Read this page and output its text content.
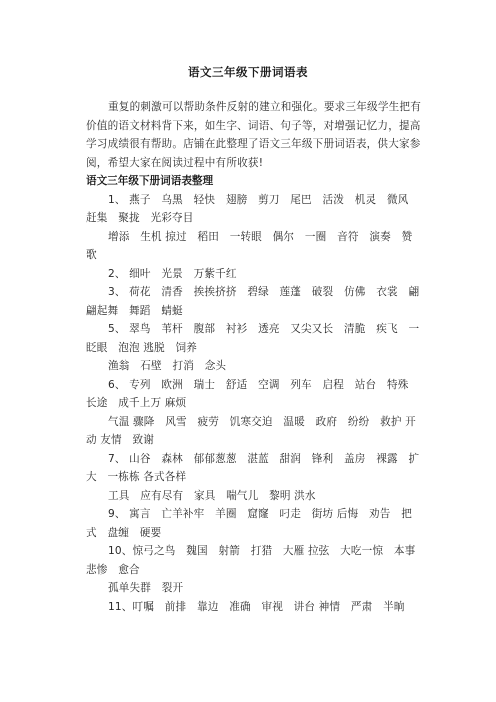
语文三年级下册词语表

重复的刺激可以帮助条件反射的建立和强化。要求三年级学生把有价值的语文材料背下来，如生字、词语、句子等，对增强记忆力，提高学习成绩很有帮助。店铺在此整理了语文三年级下册词语表，供大家参阅，希望大家在阅读过程中有所收获!

语文三年级下册词语表整理

1、 燕子　乌黑　轻快　翅膀　剪刀　尾巴　活泼　机灵　微风　赶集　聚拢　光彩夺目

增添　生机 掠过　稻田　一转眼　偶尔　一圈　音符　演奏　赞歌

2、 细叶　光景　万紫千红

3、 荷花　清香　挨挨挤挤　碧绿　莲蓬　破裂　仿佛　衣裳　翩翩起舞　舞蹈　蜻蜓

5、 翠鸟　苇杆　腹部　衬衫　透亮　又尖又长　清脆　疾飞　一眨眼　泡泡 逃脱　饲养

渔翁　石壁　打消　念头

6、 专列　欧洲　瑞士　舒适　空调　列车　启程　站台　特殊　长途　成千上万 麻烦

气温 骤降　风雪　疲劳　饥寒交迫　温暖　政府　纷纷　救护 开动 友情　致谢

7、 山谷　森林　郁郁葱葱　湛蓝　甜润　锋利　盖房　裸露　扩大　一栋栋 各式各样

工具　应有尽有　家具　喘气儿　黎明 洪水

9、 寓言　亡羊补牢　羊圈　窟窿　叼走　街坊 后悔　劝告　把式　盘缠　硬要

10、惊弓之鸟　魏国　射箭　打猎　大雁 拉弦　大吃一惊　本事　悲惨　愈合

孤单失群　裂开

11、叮嘱　前排　靠边　准确　审视　讲台 神情　严肃　半晌
